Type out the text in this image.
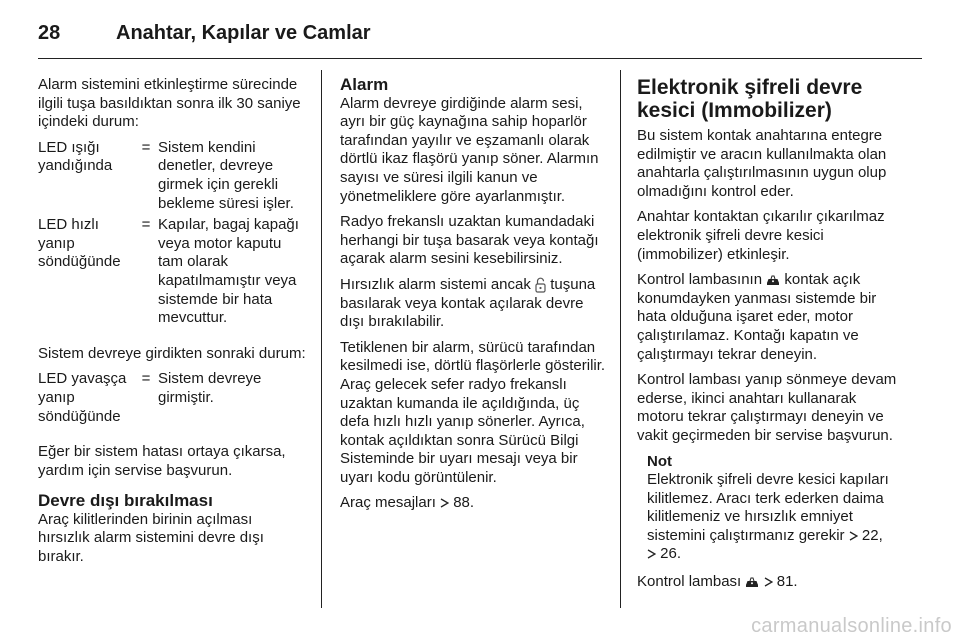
28	Anahtar, Kapılar ve Camlar

Alarm sistemini etkinleştirme sürecinde ilgili tuşa basıldıktan sonra ilk 30 saniye içindeki durum:

LED ışığı yandığında
= Sistem kendini denetler, devreye girmek için gerekli bekleme süresi işler.
LED hızlı yanıp söndüğünde
= Kapılar, bagaj kapağı veya motor kaputu tam olarak kapatılmamıştır veya sistemde bir hata mevcuttur.

Sistem devreye girdikten sonraki durum:

LED yavaşça yanıp söndüğünde
= Sistem devreye girmiştir.

Eğer bir sistem hatası ortaya çıkarsa, yardım için servise başvurun.

Devre dışı bırakılması

Araç kilitlerinden birinin açılması hırsızlık alarm sistemini devre dışı bırakır.

Alarm

Alarm devreye girdiğinde alarm sesi, ayrı bir güç kaynağına sahip hoparlör tarafından yayılır ve eşzamanlı olarak dörtlü ikaz flaşörü yanıp söner. Alarmın sayısı ve süresi ilgili kanun ve yönetmeliklere göre ayarlanmıştır.

Radyo frekanslı uzaktan kumandadaki herhangi bir tuşa basarak veya kontağı açarak alarm sesini kesebilirsiniz.

Hırsızlık alarm sistemi ancak tuşuna basılarak veya kontak açılarak devre dışı bırakılabilir.

Tetiklenen bir alarm, sürücü tarafından kesilmedi ise, dörtlü flaşörlerle gösterilir. Araç gelecek sefer radyo frekanslı uzaktan kumanda ile açıldığında, üç defa hızlı hızlı yanıp sönerler. Ayrıca, kontak açıldıktan sonra Sürücü Bilgi Sisteminde bir uyarı mesajı veya bir uyarı kodu görüntülenir.

Araç mesajları 88.

Elektronik şifreli devre kesici (Immobilizer)

Bu sistem kontak anahtarına entegre edilmiştir ve aracın kullanılmakta olan anahtarla çalıştırılmasının uygun olup olmadığını kontrol eder.

Anahtar kontaktan çıkarılır çıkarılmaz elektronik şifreli devre kesici (immobilizer) etkinleşir.

Kontrol lambasının kontak açık konumdayken yanması sistemde bir hata olduğuna işaret eder, motor çalıştırılamaz. Kontağı kapatın ve çalıştırmayı tekrar deneyin.

Kontrol lambası yanıp sönmeye devam ederse, ikinci anahtarı kullanarak motoru tekrar çalıştırmayı deneyin ve vakit geçirmeden bir servise başvurun.

Not
Elektronik şifreli devre kesici kapıları kilitlemez. Aracı terk ederken daima kilitlemeniz ve hırsızlık emniyet sistemini çalıştırmanız gerekir 22,
26.

Kontrol lambası 81.

carmanualsonline.info
